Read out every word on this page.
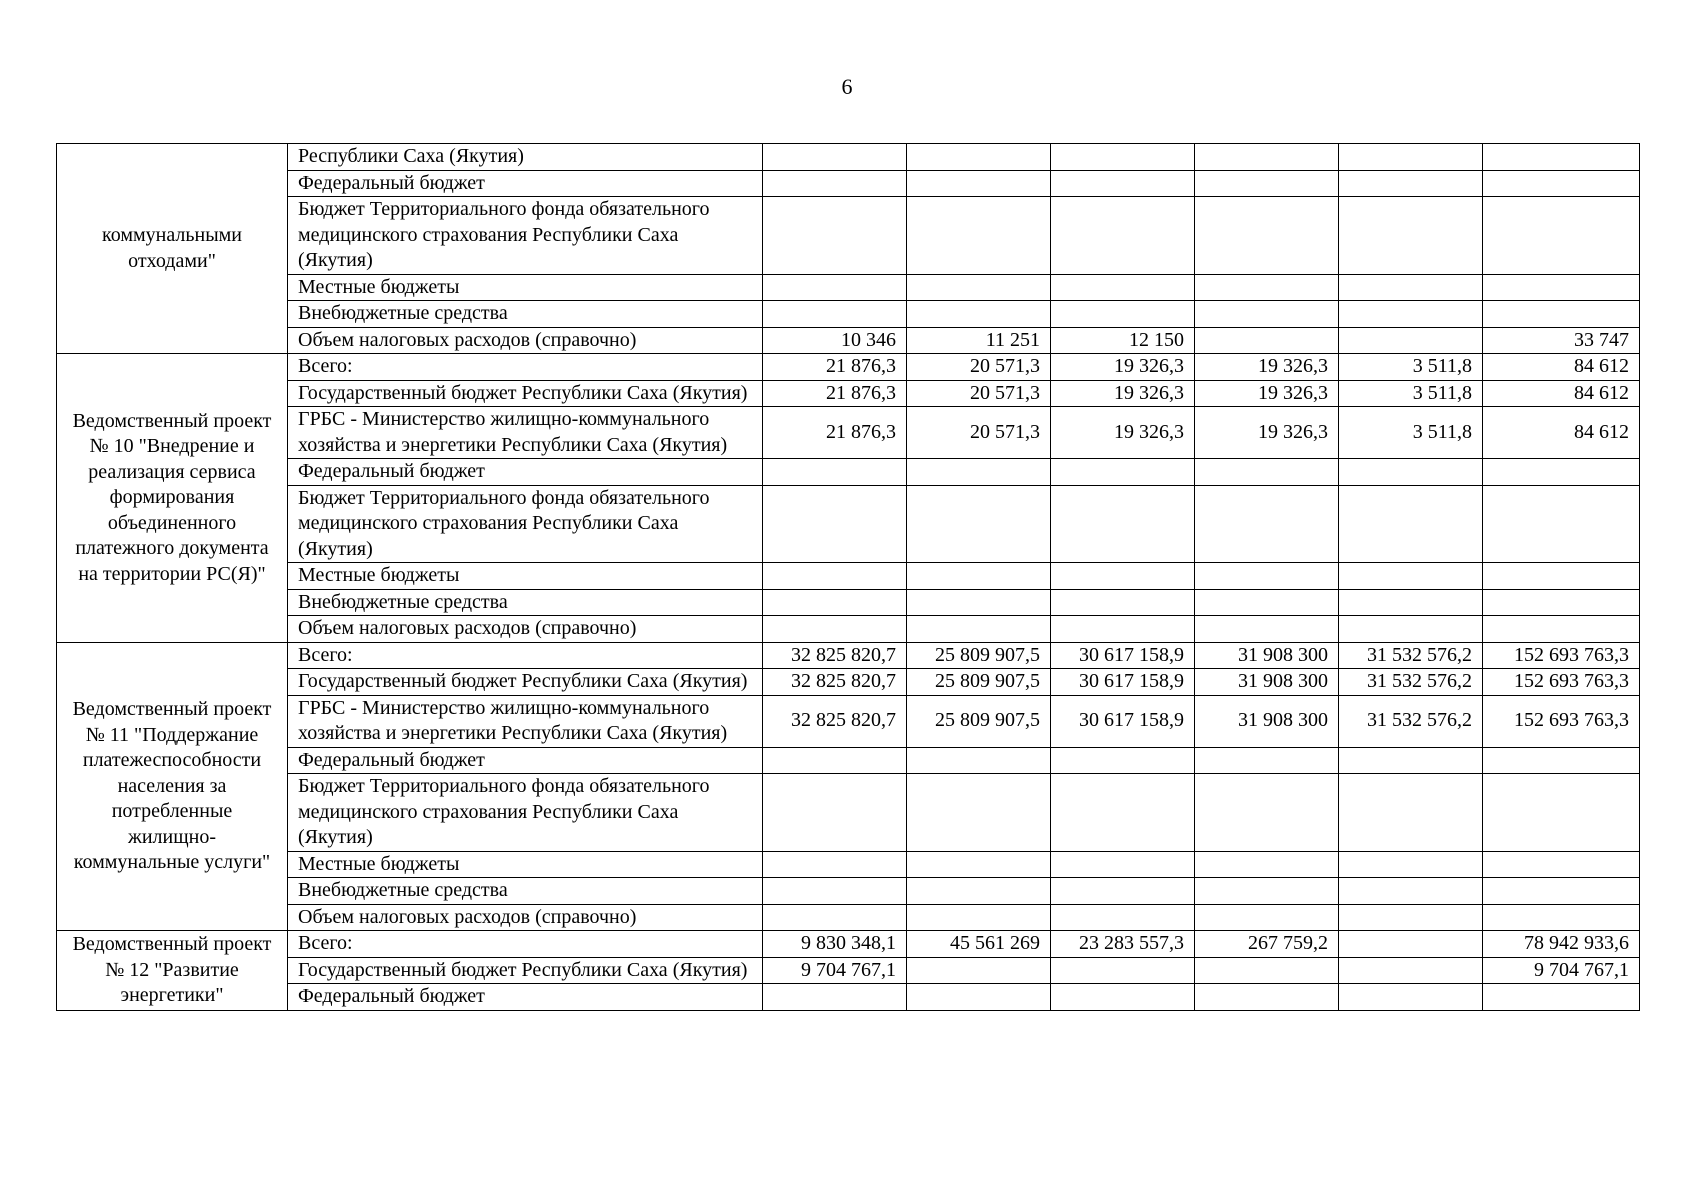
6
коммунальными отходами"	Республики Саха (Якутия)						
	Федеральный бюджет						
	Бюджет Территориального фонда обязательного медицинского страхования Республики Саха (Якутия)						
	Местные бюджеты						
	Внебюджетные средства						
	Объем налоговых расходов (справочно)	10 346	11 251	12 150			33 747
Ведомственный проект № 10 "Внедрение и реализация сервиса формирования объединенного платежного документа на территории РС(Я)"	Всего:	21 876,3	20 571,3	19 326,3	19 326,3	3 511,8	84 612
	Государственный бюджет Республики Саха (Якутия)	21 876,3	20 571,3	19 326,3	19 326,3	3 511,8	84 612
	ГРБС - Министерство жилищно-коммунального хозяйства и энергетики Республики Саха (Якутия)	21 876,3	20 571,3	19 326,3	19 326,3	3 511,8	84 612
	Федеральный бюджет						
	Бюджет Территориального фонда обязательного медицинского страхования Республики Саха (Якутия)						
	Местные бюджеты						
	Внебюджетные средства						
	Объем налоговых расходов (справочно)						
Ведомственный проект № 11 "Поддержание платежеспособности населения за потребленные жилищно-коммунальные услуги"	Всего:	32 825 820,7	25 809 907,5	30 617 158,9	31 908 300	31 532 576,2	152 693 763,3
	Государственный бюджет Республики Саха (Якутия)	32 825 820,7	25 809 907,5	30 617 158,9	31 908 300	31 532 576,2	152 693 763,3
	ГРБС - Министерство жилищно-коммунального хозяйства и энергетики Республики Саха (Якутия)	32 825 820,7	25 809 907,5	30 617 158,9	31 908 300	31 532 576,2	152 693 763,3
	Федеральный бюджет						
	Бюджет Территориального фонда обязательного медицинского страхования Республики Саха (Якутия)						
	Местные бюджеты						
	Внебюджетные средства						
	Объем налоговых расходов (справочно)						
Ведомственный проект № 12 "Развитие энергетики"	Всего:	9 830 348,1	45 561 269	23 283 557,3	267 759,2		78 942 933,6
	Государственный бюджет Республики Саха (Якутия)	9 704 767,1					9 704 767,1
	Федеральный бюджет						
